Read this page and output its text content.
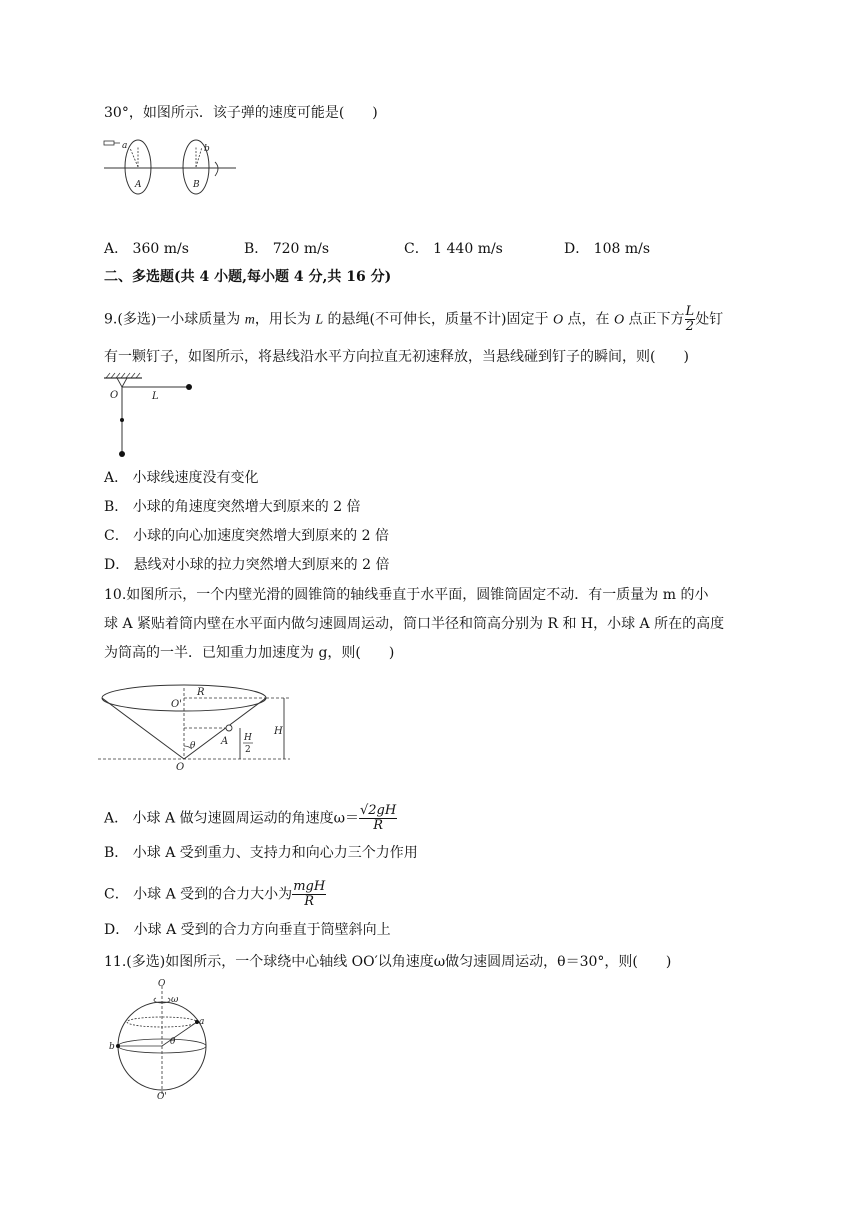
30°，如图所示．该子弹的速度可能是(　　)
a	b
A	B
A． 360 m/s	B． 720 m/s	C． 1 440 m/s	D． 108 m/s
二、多选题(共 4 小题,每小题 4 分,共 16 分)
9.(多选)一小球质量为 m，用长为 L 的悬绳(不可伸长，质量不计)固定于 O 点，在 O 点正下方 $\frac{L}{2}$ 处钉
有一颗钉子，如图所示，将悬线沿水平方向拉直无初速释放，当悬线碰到钉子的瞬间，则(　　)
O	L
A． 小球线速度没有变化
B． 小球的角速度突然增大到原来的 2 倍
C． 小球的向心加速度突然增大到原来的 2 倍
D． 悬线对小球的拉力突然增大到原来的 2 倍
10.如图所示，一个内壁光滑的圆锥筒的轴线垂直于水平面，圆锥筒固定不动．有一质量为 m 的小
球 A 紧贴着筒内壁在水平面内做匀速圆周运动，筒口半径和筒高分别为 R 和 H，小球 A 所在的高度
为筒高的一半．已知重力加速度为 g，则(　　)
O'
R
A
θ
O
H
H
2
A． 小球 A 做匀速圆周运动的角速度$\omega= \frac{√2gH}{R}$
B． 小球 A 受到重力、支持力和向心力三个力作用
C． 小球 A 受到的合力大小为 $\frac{\text{mgH}}{R}$
D． 小球 A 受到的合力方向垂直于筒壁斜向上
11.(多选)如图所示，一个球绕中心轴线 OO′以角速度ω做匀速圆周运动，θ＝30°，则(　　)
O
ω
a
b	θ
O'
